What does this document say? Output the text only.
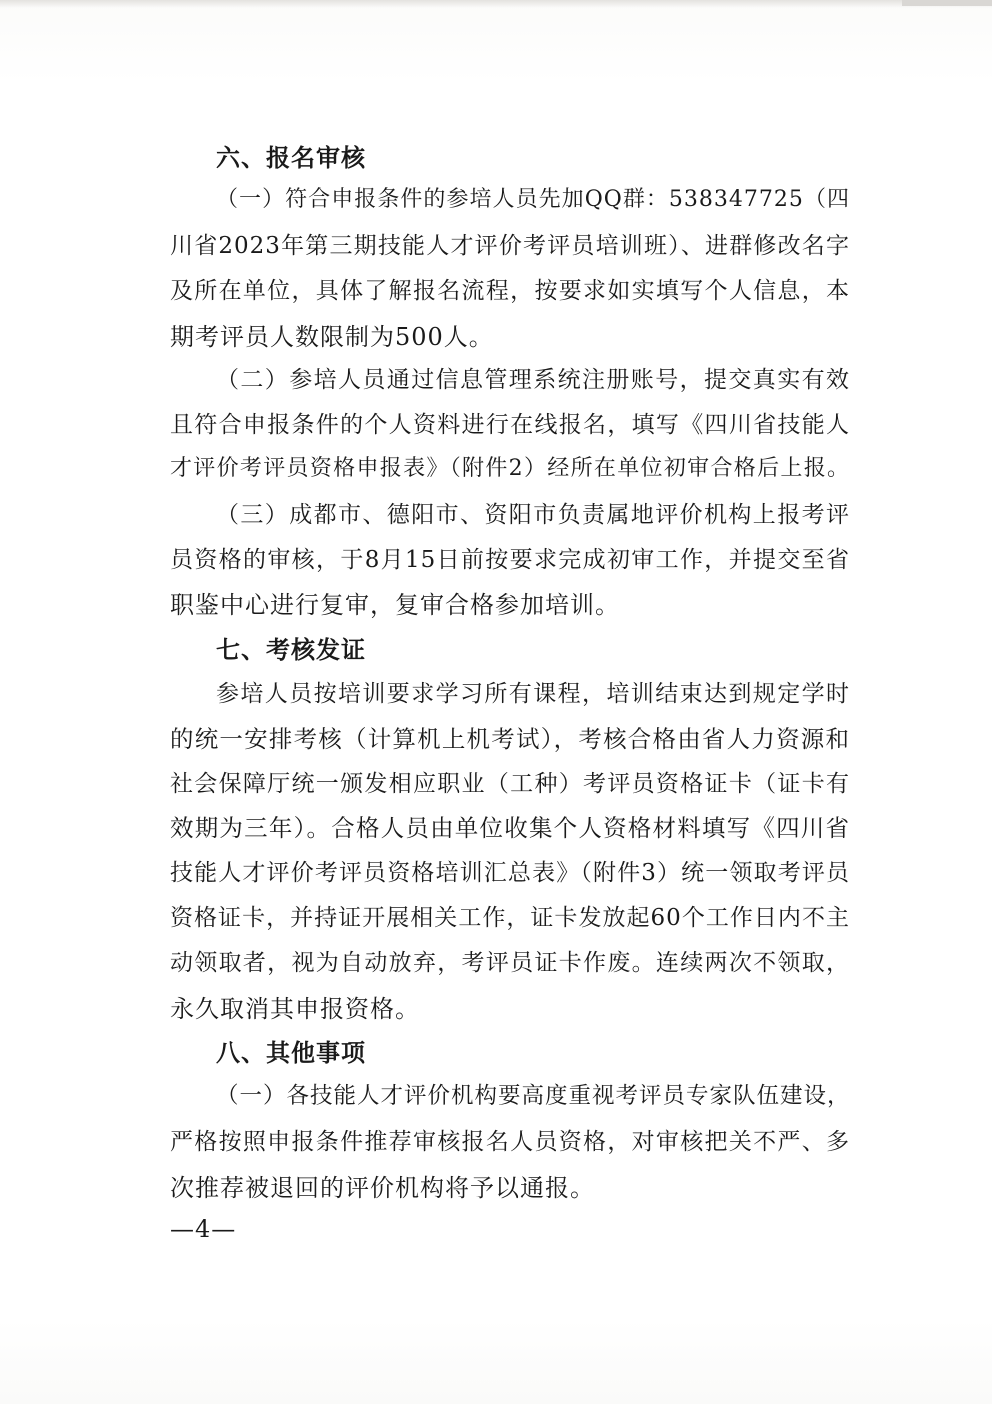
六、报名审核
（一）符合申报条件的参培人员先加QQ群：538347725（四
川省2023年第三期技能人才评价考评员培训班）、进群修改名字
及所在单位，具体了解报名流程，按要求如实填写个人信息，本
期考评员人数限制为500人。
（二）参培人员通过信息管理系统注册账号，提交真实有效
且符合申报条件的个人资料进行在线报名，填写《四川省技能人
才评价考评员资格申报表》（附件2）经所在单位初审合格后上报。
（三）成都市、德阳市、资阳市负责属地评价机构上报考评
员资格的审核，于8月15日前按要求完成初审工作，并提交至省
职鉴中心进行复审，复审合格参加培训。
七、考核发证
参培人员按培训要求学习所有课程，培训结束达到规定学时
的统一安排考核（计算机上机考试），考核合格由省人力资源和
社会保障厅统一颁发相应职业（工种）考评员资格证卡（证卡有
效期为三年）。合格人员由单位收集个人资格材料填写《四川省
技能人才评价考评员资格培训汇总表》（附件3）统一领取考评员
资格证卡，并持证开展相关工作，证卡发放起60个工作日内不主
动领取者，视为自动放弃，考评员证卡作废。连续两次不领取，
永久取消其申报资格。
八、其他事项
（一）各技能人才评价机构要高度重视考评员专家队伍建设，
严格按照申报条件推荐审核报名人员资格，对审核把关不严、多
次推荐被退回的评价机构将予以通报。
—4—
